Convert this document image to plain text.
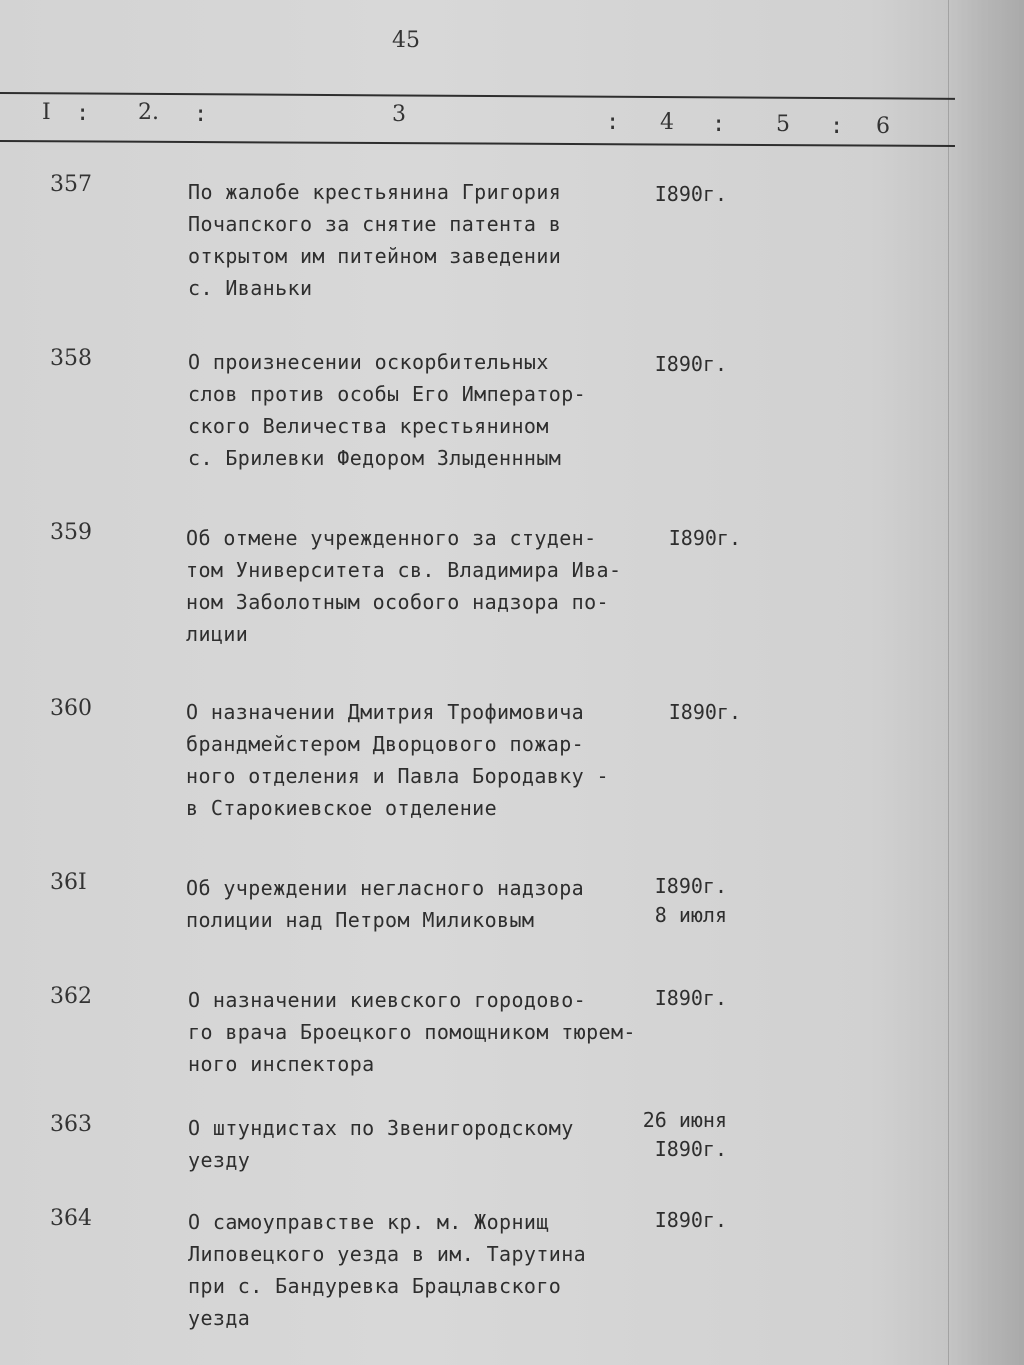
45
I : 2. :	3	: 4 : 5 : 6
357	По жалобе крестьянина Григория
Почапского за снятие патента в
открытом им питейном заведении
с. Иваньки
I890г.
358	О произнесении оскорбительных
слов против особы Его Император-
ского Величества крестьянином
с. Брилевки Федором Злыденнным
I890г.
359	Об отмене учрежденного за студен-
том Университета св. Владимира Ива-
ном Заболотным особого надзора по-
лиции
I890г.
360	О назначении Дмитрия Трофимовича
брандмейстером Дворцового пожар-
ного отделения и Павла Бородавку -
в Старокиевское отделение
I890г.
36I	Об учреждении негласного надзора
полиции над Петром Миликовым
I890г.
8 июля
362	О назначении киевского городово-
го врача Броецкого помощником тюрем-
ного инспектора
I890г.
363	О штундистах по Звенигородскому
уезду
26 июня
I890г.
364	О самоуправстве кр. м. Жорнищ
Липовецкого уезда в им. Тарутина
при с. Бандуревка Брацлавского
уезда
I890г.
